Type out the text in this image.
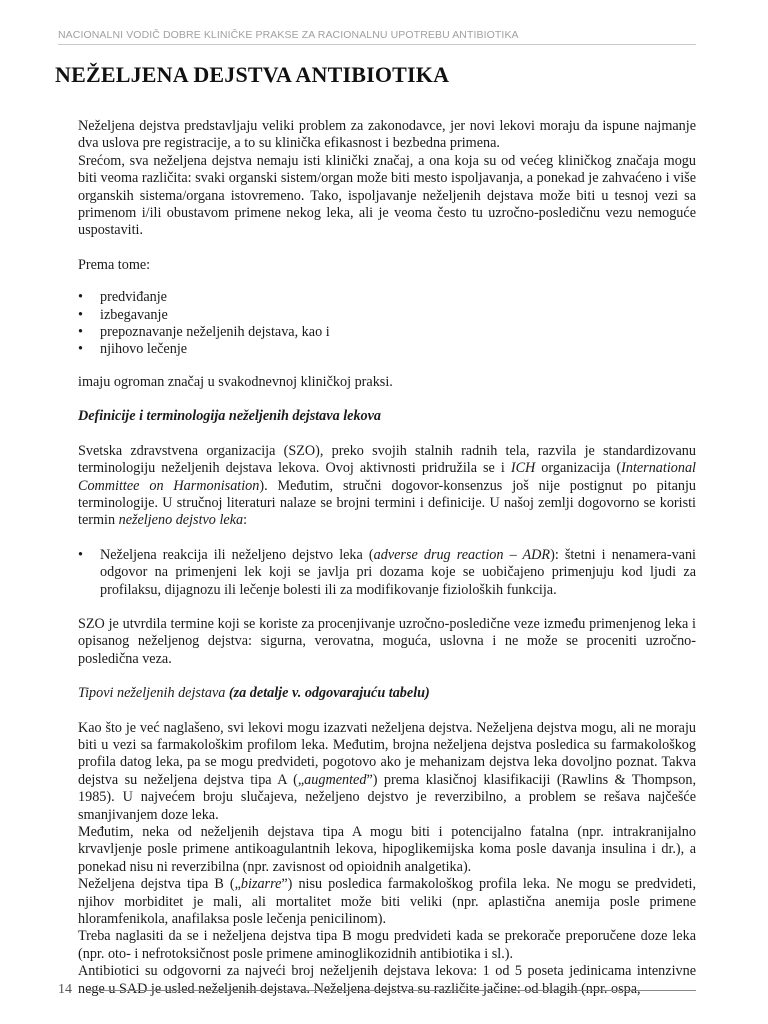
NACIONALNI VODIČ DOBRE KLINIČKE PRAKSE ZA RACIONALNU UPOTREBU ANTIBIOTIKA
NEŽELJENA DEJSTVA ANTIBIOTIKA

Neželjena dejstva predstavljaju veliki problem za zakonodavce, jer novi lekovi moraju da ispune najmanje dva uslova pre registracije, a to su klinička efikasnost i bezbedna primena.

Srećom, sva neželjena dejstva nemaju isti klinički značaj, a ona koja su od većeg kliničkog značaja mogu biti veoma različita: svaki organski sistem/organ može biti mesto ispoljavanja, a ponekad je zahvaćeno i više organskih sistema/organa istovremeno. Tako, ispoljavanje neželjenih dejstava može biti u tesnoj vezi sa primenom i/ili obustavom primene nekog leka, ali je veoma često tu uzročno-posledičnu vezu nemoguće uspostaviti.

Prema tome:

•	predviđanje
•	izbegavanje
•	prepoznavanje neželjenih dejstava, kao i
•	njihovo lečenje

imaju ogroman značaj u svakodnevnoj kliničkoj praksi.

Definicije i terminologija neželjenih dejstava lekova

Svetska zdravstvena organizacija (SZO), preko svojih stalnih radnih tela, razvila je standardizovanu terminologiju neželjenih dejstava lekova. Ovoj aktivnosti pridružila se i ICH organizacija (International Committee on Harmonisation). Međutim, stručni dogovor-konsenzus još nije postignut po pitanju terminologije. U stručnoj literaturi nalaze se brojni termini i definicije. U našoj zemlji dogovorno se koristi termin neželjeno dejstvo leka:

•	Neželjena reakcija ili neželjeno dejstvo leka (adverse drug reaction – ADR): štetni i nenamera-vani odgovor na primenjeni lek koji se javlja pri dozama koje se uobičajeno primenjuju kod ljudi za profilaksu, dijagnozu ili lečenje bolesti ili za modifikovanje fizioloških funkcija.

SZO je utvrdila termine koji se koriste za procenjivanje uzročno-posledične veze između primenjenog leka i opisanog neželjenog dejstva: sigurna, verovatna, moguća, uslovna i ne može se proceniti uzročno-posledična veza.

Tipovi neželjenih dejstava (za detalje v. odgovarajuću tabelu)

Kao što je već naglašeno, svi lekovi mogu izazvati neželjena dejstva. Neželjena dejstva mogu, ali ne moraju biti u vezi sa farmakološkim profilom leka. Međutim, brojna neželjena dejstva posledica su farmakološkog profila datog leka, pa se mogu predvideti, pogotovo ako je mehanizam dejstva leka dovoljno poznat. Takva dejstva su neželjena dejstva tipa A („augmented”) prema klasičnoj klasifikaciji (Rawlins & Thompson, 1985). U najvećem broju slučajeva, neželjeno dejstvo je reverzibilno, a problem se rešava najčešće smanjivanjem doze leka.

Međutim, neka od neželjenih dejstava tipa A mogu biti i potencijalno fatalna (npr. intrakranijalno krvavljenje posle primene antikoagulantnih lekova, hipoglikemijska koma posle davanja insulina i dr.), a ponekad nisu ni reverzibilna (npr. zavisnost od opioidnih analgetika).

Neželjena dejstva tipa B („bizarre”) nisu posledica farmakološkog profila leka. Ne mogu se predvideti, njihov morbiditet je mali, ali mortalitet može biti veliki (npr. aplastična anemija posle primene hloramfenikola, anafilaksa posle lečenja penicilinom).

Treba naglasiti da se i neželjena dejstva tipa B mogu predvideti kada se prekorače preporučene doze leka (npr. oto- i nefrotoksičnost posle primene aminoglikozidnih antibiotika i sl.).

Antibiotici su odgovorni za najveći broj neželjenih dejstava lekova: 1 od 5 poseta jedinicama intenzivne nege u SAD je usled neželjenih dejstava. Neželjena dejstva su različite jačine: od blagih (npr. ospa,

14
